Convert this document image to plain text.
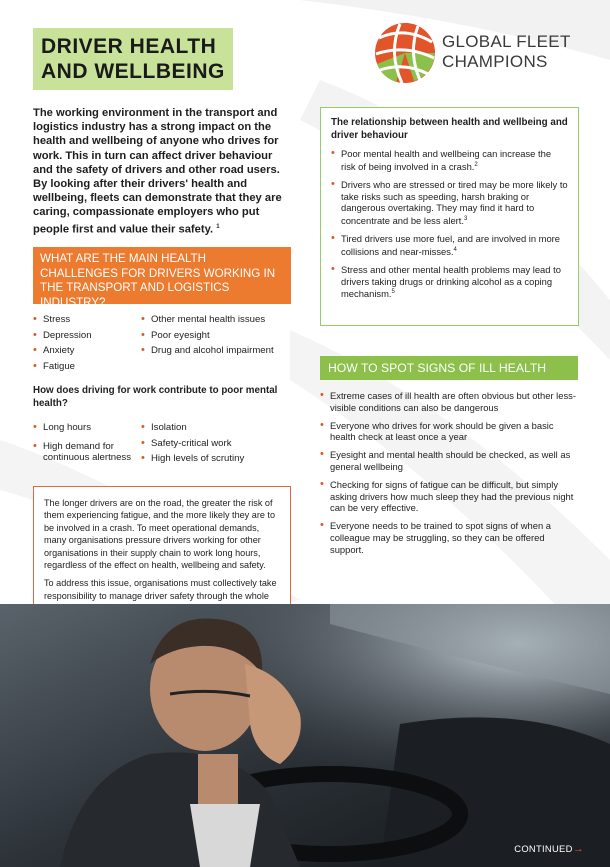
DRIVER HEALTH
AND WELLBEING
GLOBAL FLEET
CHAMPIONS
The working environment in the transport and logistics industry has a strong impact on the health and wellbeing of anyone who drives for work. This in turn can affect driver behaviour and the safety of drivers and other road users. By looking after their drivers' health and wellbeing, fleets can demonstrate that they are caring, compassionate employers who put people first and value their safety. $^1$
WHAT ARE THE MAIN HEALTH CHALLENGES FOR DRIVERS WORKING IN THE TRANSPORT AND LOGISTICS INDUSTRY?
• Stress
• Depression
• Anxiety
• Fatigue
• Other mental health issues
• Poor eyesight
• Drug and alcohol impairment
How does driving for work contribute to poor mental health?
• Long hours
• High demand for continuous alertness
• Isolation
• Safety-critical work
• High levels of scrutiny

The longer drivers are on the road, the greater the risk of them experiencing fatigue, and the more likely they are to be involved in a crash. To meet operational demands, many organisations pressure drivers working for other organisations in their supply chain to work long hours, regardless of the effect on health, wellbeing and safety.

To address this issue, organisations must collectively take responsibility to manage driver safety through the whole

The relationship between health and wellbeing and driver behaviour
• Poor mental health and wellbeing can increase the risk of being involved in a crash.$^2$
• Drivers who are stressed or tired may be more likely to take risks such as speeding, harsh braking or dangerous overtaking. They may find it hard to concentrate and be less alert.$^3$
• Tired drivers use more fuel, and are involved in more collisions and near-misses.$^4$
• Stress and other mental health problems may lead to drivers taking drugs or drinking alcohol as a coping mechanism.$^5$
HOW TO SPOT SIGNS OF ILL HEALTH
• Extreme cases of ill health are often obvious but other less-visible conditions can also be dangerous
• Everyone who drives for work should be given a basic health check at least once a year
• Eyesight and mental health should be checked, as well as general wellbeing
• Checking for signs of fatigue can be difficult, but simply asking drivers how much sleep they had the previous night can be very effective.
• Everyone needs to be trained to spot signs of when a colleague may be struggling, so they can be offered support.
CONTINUED→
